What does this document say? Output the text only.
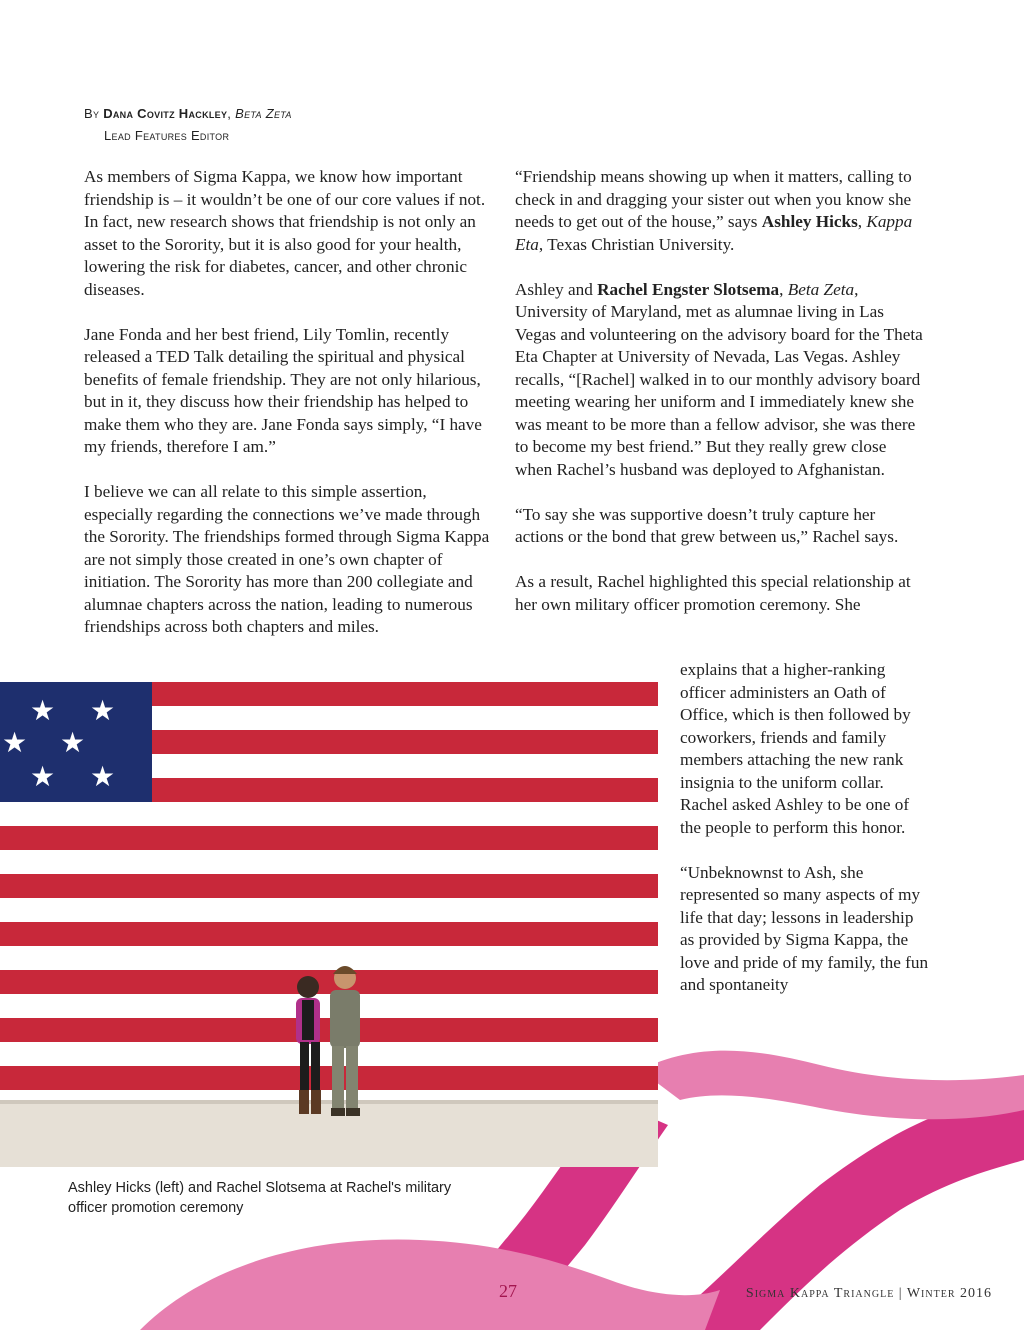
By Dana Covitz Hackley, Beta Zeta
Lead Features Editor

As members of Sigma Kappa, we know how important friendship is – it wouldn’t be one of our core values if not. In fact, new research shows that friendship is not only an asset to the Sorority, but it is also good for your health, lowering the risk for diabetes, cancer, and other chronic diseases.

Jane Fonda and her best friend, Lily Tomlin, recently released a TED Talk detailing the spiritual and physical benefits of female friendship. They are not only hilarious, but in it, they discuss how their friendship has helped to make them who they are. Jane Fonda says simply, “I have my friends, therefore I am.”

I believe we can all relate to this simple assertion, especially regarding the connections we’ve made through the Sorority. The friendships formed through Sigma Kappa are not simply those created in one’s own chapter of initiation. The Sorority has more than 200 collegiate and alumnae chapters across the nation, leading to numerous friendships across both chapters and miles.

“Friendship means showing up when it matters, calling to check in and dragging your sister out when you know she needs to get out of the house,” says Ashley Hicks, Kappa Eta, Texas Christian University.

Ashley and Rachel Engster Slotsema, Beta Zeta, University of Maryland, met as alumnae living in Las Vegas and volunteering on the advisory board for the Theta Eta Chapter at University of Nevada, Las Vegas. Ashley recalls, “[Rachel] walked in to our monthly advisory board meeting wearing her uniform and I immediately knew she was meant to be more than a fellow advisor, she was there to become my best friend.” But they really grew close when Rachel’s husband was deployed to Afghanistan.

“To say she was supportive doesn’t truly capture her actions or the bond that grew between us,” Rachel says.

As a result, Rachel highlighted this special relationship at her own military officer promotion ceremony. She

explains that a higher-ranking officer administers an Oath of Office, which is then followed by coworkers, friends and family members attaching the new rank insignia to the uniform collar. Rachel asked Ashley to be one of the people to perform this honor.

“Unbeknownst to Ash, she represented so many aspects of my life that day; lessons in leadership as provided by Sigma Kappa, the love and pride of my family, the fun and spontaneity

★ ★
★ ★
★ ★
Ashley Hicks (left) and Rachel Slotsema at Rachel's military officer promotion ceremony
27	Sigma Kappa Triangle | Winter 2016
